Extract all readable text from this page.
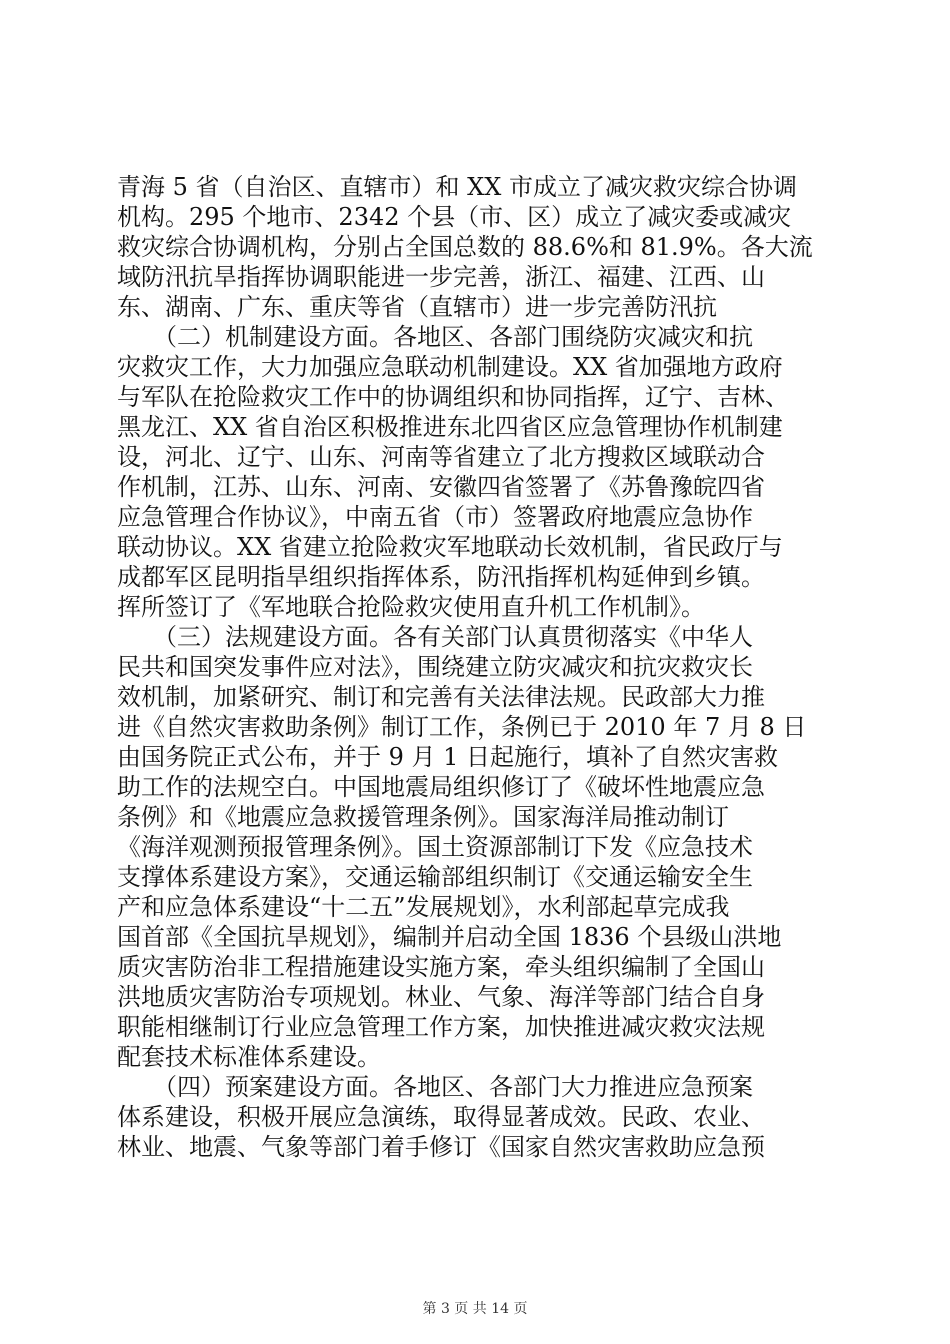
青海 5 省（自治区、直辖市）和 XX 市成立了减灾救灾综合协调
机构。295 个地市、2342 个县（市、区）成立了减灾委或减灾
救灾综合协调机构，分别占全国总数的 88.6%和 81.9%。各大流
域防汛抗旱指挥协调职能进一步完善，浙江、福建、江西、山
东、湖南、广东、重庆等省（直辖市）进一步完善防汛抗
　　（二）机制建设方面。各地区、各部门围绕防灾减灾和抗
灾救灾工作，大力加强应急联动机制建设。XX 省加强地方政府
与军队在抢险救灾工作中的协调组织和协同指挥，辽宁、吉林、
黑龙江、XX 省自治区积极推进东北四省区应急管理协作机制建
设，河北、辽宁、山东、河南等省建立了北方搜救区域联动合
作机制，江苏、山东、河南、安徽四省签署了《苏鲁豫皖四省
应急管理合作协议》，中南五省（市）签署政府地震应急协作
联动协议。XX 省建立抢险救灾军地联动长效机制，省民政厅与
成都军区昆明指旱组织指挥体系，防汛指挥机构延伸到乡镇。
挥所签订了《军地联合抢险救灾使用直升机工作机制》。
　　（三）法规建设方面。各有关部门认真贯彻落实《中华人
民共和国突发事件应对法》，围绕建立防灾减灾和抗灾救灾长
效机制，加紧研究、制订和完善有关法律法规。民政部大力推
进《自然灾害救助条例》制订工作，条例已于 2010 年 7 月 8 日
由国务院正式公布，并于 9 月 1 日起施行，填补了自然灾害救
助工作的法规空白。中国地震局组织修订了《破坏性地震应急
条例》和《地震应急救援管理条例》。国家海洋局推动制订
《海洋观测预报管理条例》。国土资源部制订下发《应急技术
支撑体系建设方案》，交通运输部组织制订《交通运输安全生
产和应急体系建设“十二五”发展规划》，水利部起草完成我
国首部《全国抗旱规划》，编制并启动全国 1836 个县级山洪地
质灾害防治非工程措施建设实施方案，牵头组织编制了全国山
洪地质灾害防治专项规划。林业、气象、海洋等部门结合自身
职能相继制订行业应急管理工作方案，加快推进减灾救灾法规
配套技术标准体系建设。
　　（四）预案建设方面。各地区、各部门大力推进应急预案
体系建设，积极开展应急演练，取得显著成效。民政、农业、
林业、地震、气象等部门着手修订《国家自然灾害救助应急预
第 3 页 共 14 页
